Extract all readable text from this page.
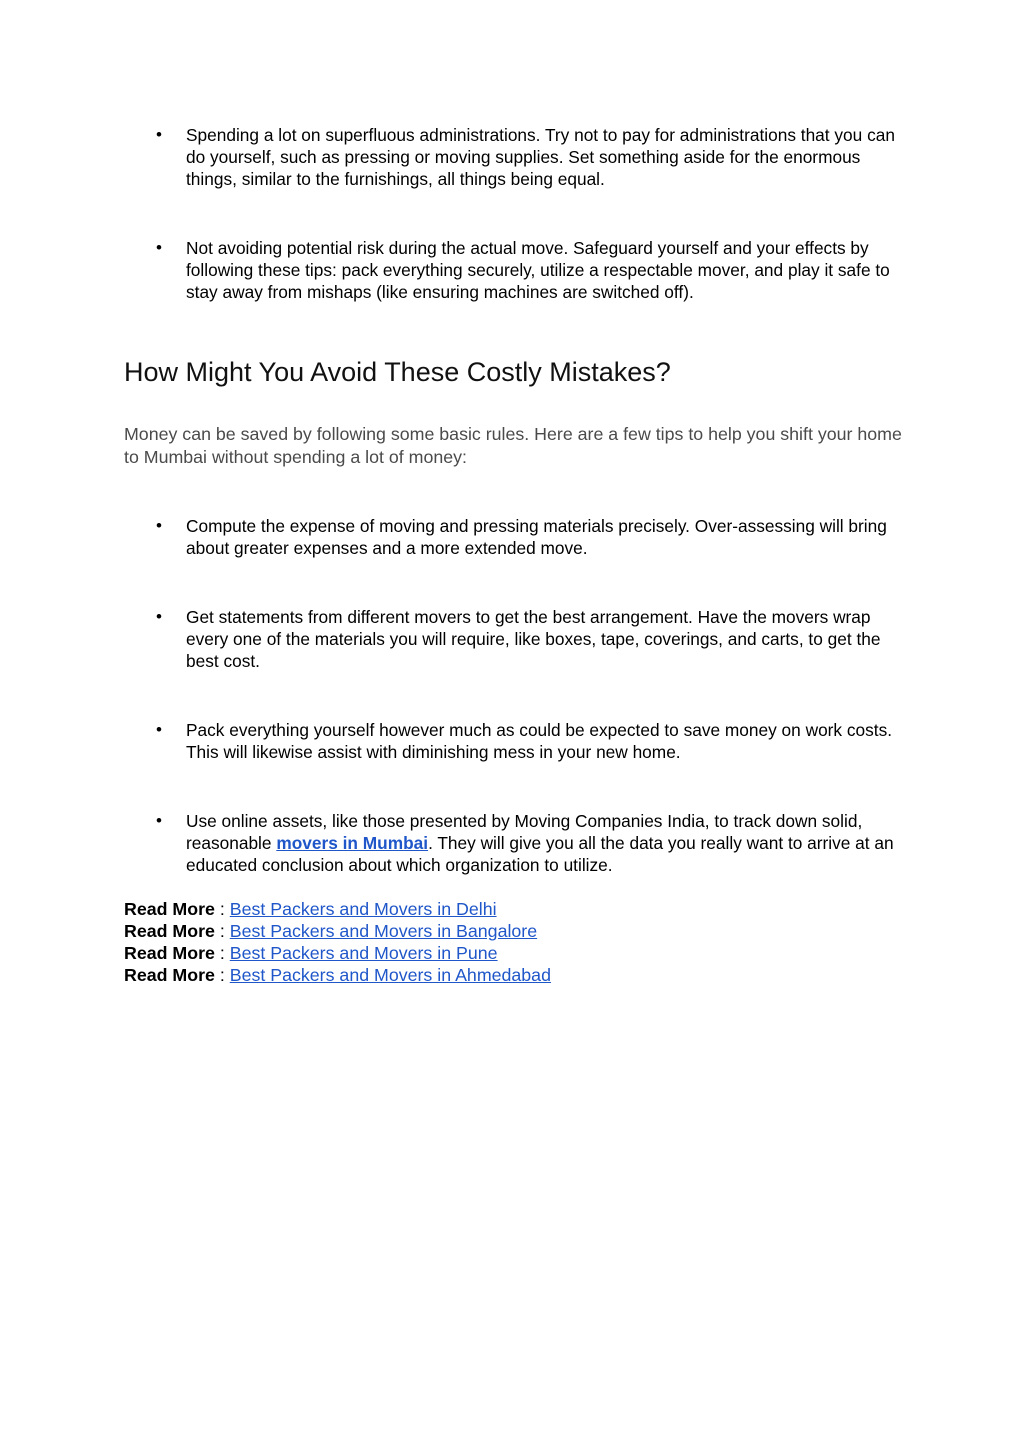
•	Spending a lot on superfluous administrations. Try not to pay for administrations that you can do yourself, such as pressing or moving supplies. Set something aside for the enormous things, similar to the furnishings, all things being equal.
•	Not avoiding potential risk during the actual move. Safeguard yourself and your effects by following these tips: pack everything securely, utilize a respectable mover, and play it safe to stay away from mishaps (like ensuring machines are switched off).
How Might You Avoid These Costly Mistakes?
Money can be saved by following some basic rules. Here are a few tips to help you shift your home to Mumbai without spending a lot of money:
•	Compute the expense of moving and pressing materials precisely. Over-assessing will bring about greater expenses and a more extended move.
•	Get statements from different movers to get the best arrangement. Have the movers wrap every one of the materials you will require, like boxes, tape, coverings, and carts, to get the best cost.
•	Pack everything yourself however much as could be expected to save money on work costs. This will likewise assist with diminishing mess in your new home.
•	Use online assets, like those presented by Moving Companies India, to track down solid, reasonable movers in Mumbai. They will give you all the data you really want to arrive at an educated conclusion about which organization to utilize.
Read More : Best Packers and Movers in Delhi
Read More : Best Packers and Movers in Bangalore
Read More : Best Packers and Movers in Pune
Read More : Best Packers and Movers in Ahmedabad
